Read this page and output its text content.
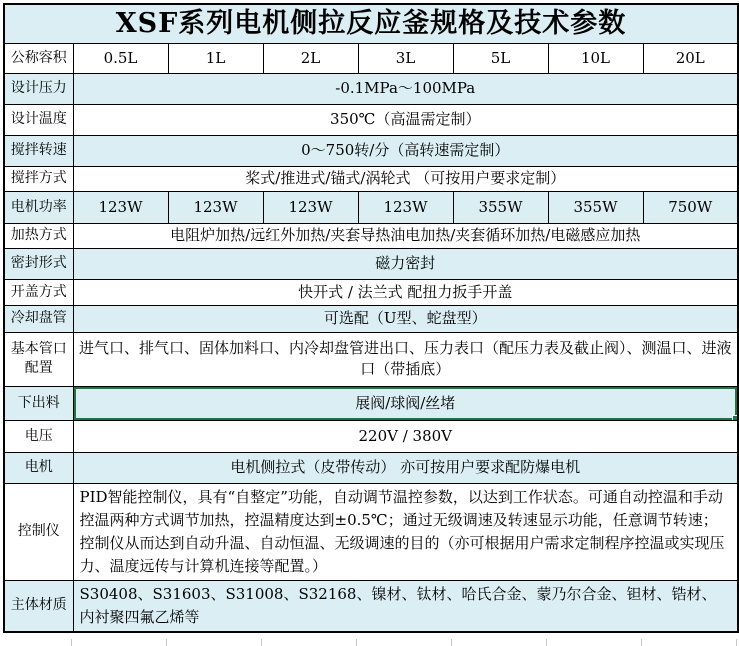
XSF系列电机侧拉反应釜规格及技术参数							
公称容积	0.5L	1L	2L	3L	5L	10L	20L
设计压力	-0.1MPa～100MPa						
设计温度	350℃（高温需定制）						
搅拌转速	0～750转/分（高转速需定制）						
搅拌方式	桨式/推进式/锚式/涡轮式 （可按用户要求定制）						
电机功率	123W	123W	123W	123W	355W	355W	750W
加热方式	电阻炉加热/远红外加热/夹套导热油电加热/夹套循环加热/电磁感应加热						
密封形式	磁力密封						
开盖方式	快开式 / 法兰式 配扭力扳手开盖						
冷却盘管	可选配（U型、蛇盘型）						
基本管口配置	进气口、排气口、固体加料口、内冷却盘管进出口、压力表口（配压力表及截止阀）、测温口、进液口（带插底）						
下出料	展阀/球阀/丝堵						

电压	220V / 380V						
电机	电机侧拉式（皮带传动） 亦可按用户要求配防爆电机						
控制仪	PID智能控制仪，具有“自整定”功能，自动调节温控参数，以达到工作状态。可通自动控温和手动控温两种方式调节加热，控温精度达到±0.5℃；通过无级调速及转速显示功能，任意调节转速；控制仪从而达到自动升温、自动恒温、无级调速的目的（亦可根据用户需求定制程序控温或实现压力、温度远传与计算机连接等配置。）						
主体材质	S30408、S31603、S31008、S32168、镍材、钛材、哈氏合金、蒙乃尔合金、钽材、锆材、内衬聚四氟乙烯等						
